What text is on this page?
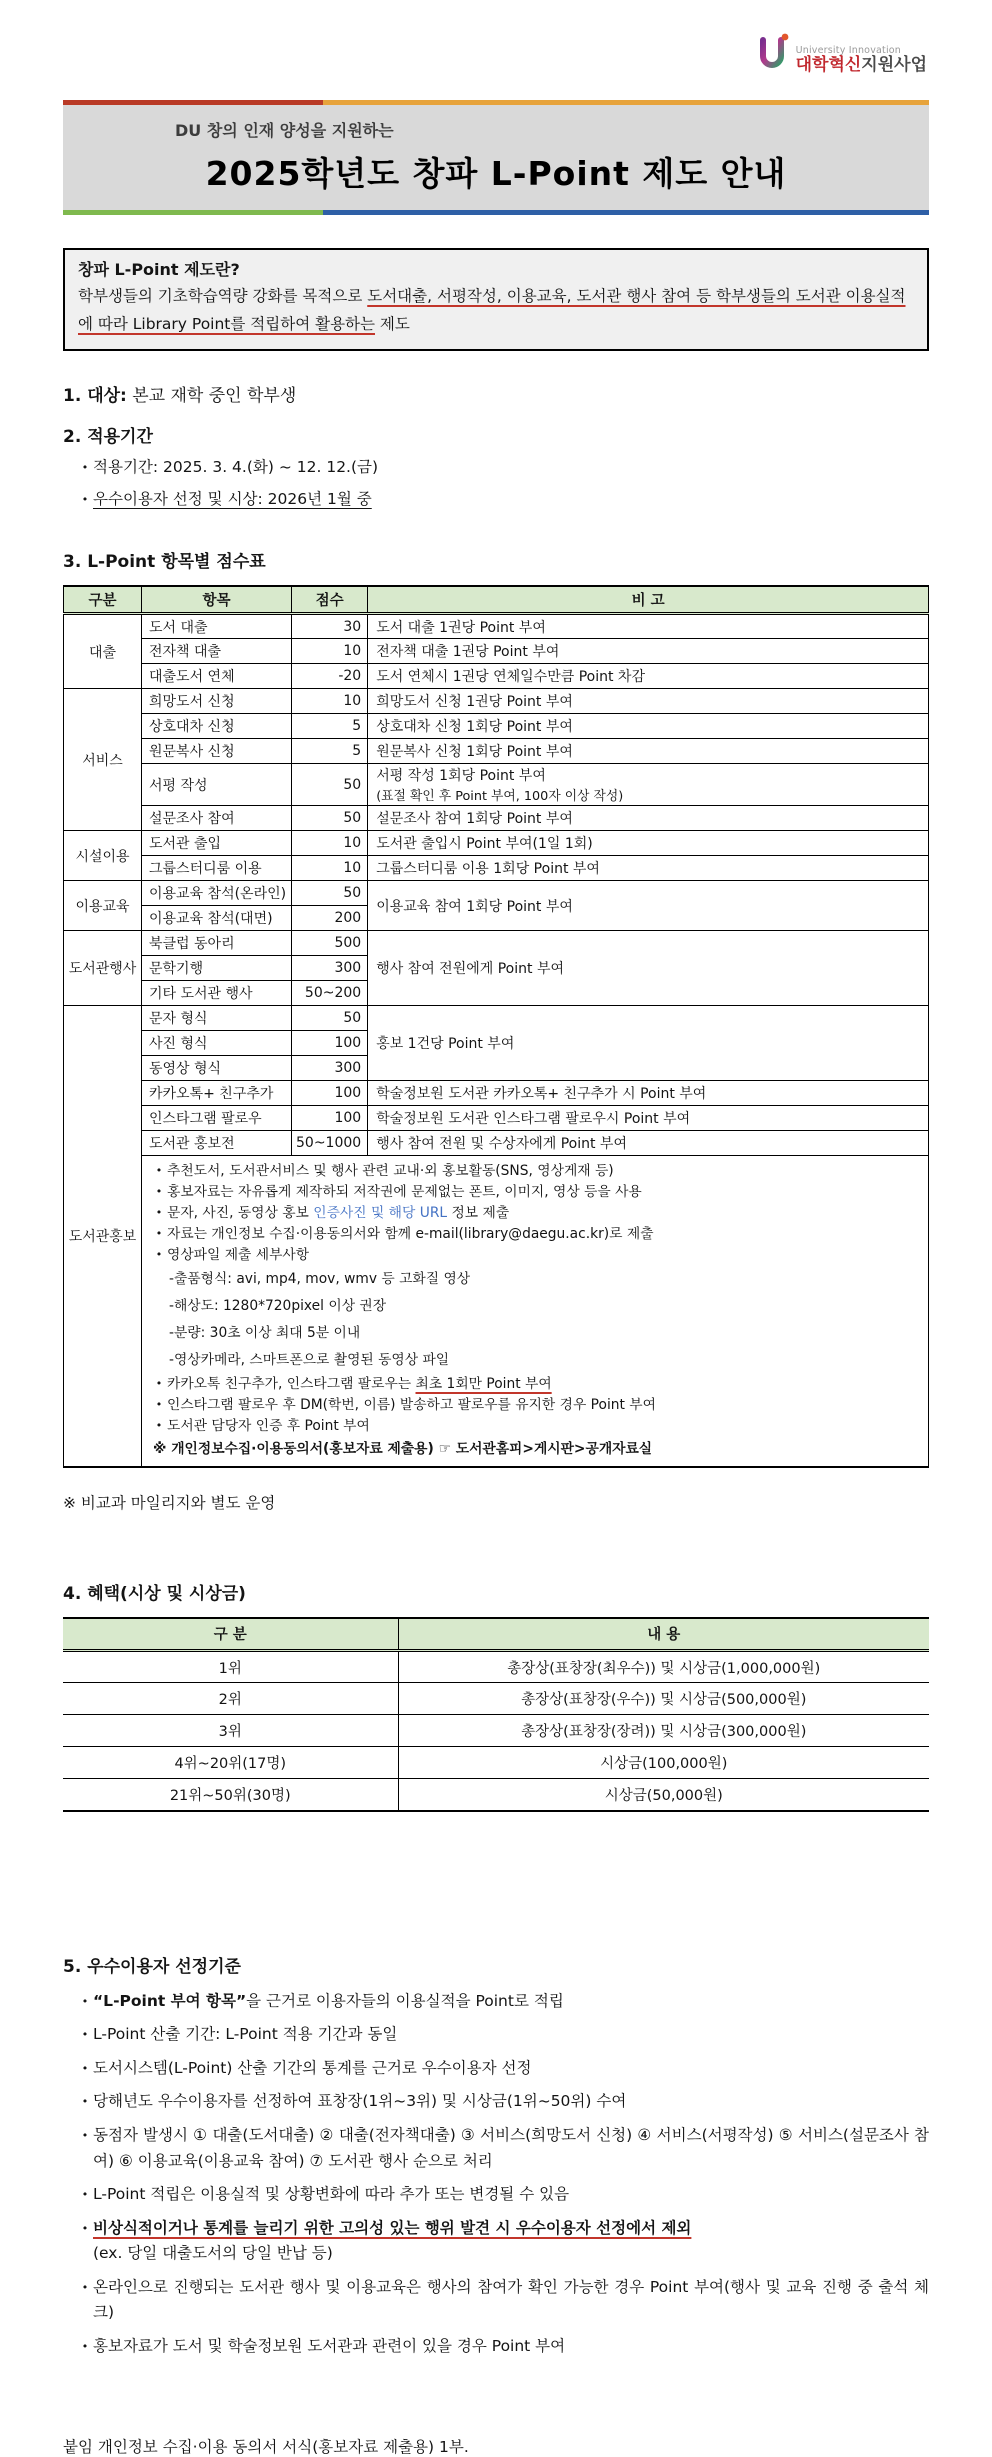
University Innovation
대학혁신지원사업
DU 창의 인재 양성을 지원하는
2025학년도 창파 L-Point 제도 안내
창파 L-Point 제도란?
학부생들의 기초학습역량 강화를 목적으로 도서대출, 서평작성, 이용교육, 도서관 행사 참여 등 학부생들의 도서관 이용실적에 따라 Library Point를 적립하여 활용하는 제도
1. 대상: 본교 재학 중인 학부생
2. 적용기간
• 적용기간: 2025. 3. 4.(화) ~ 12. 12.(금)
• 우수이용자 선정 및 시상: 2026년 1월 중
3. L-Point 항목별 점수표
구분	항목	점수	비 고
대출	도서 대출	30	도서 대출 1권당 Point 부여
	전자책 대출	10	전자책 대출 1권당 Point 부여
	대출도서 연체	-20	도서 연체시 1권당 연체일수만큼 Point 차감
서비스	희망도서 신청	10	희망도서 신청 1권당 Point 부여
	상호대차 신청	5	상호대차 신청 1회당 Point 부여
	원문복사 신청	5	원문복사 신청 1회당 Point 부여
	서평 작성	50	서평 작성 1회당 Point 부여
(표절 확인 후 Point 부여, 100자 이상 작성)

	설문조사 참여	50	설문조사 참여 1회당 Point 부여
시설이용	도서관 출입	10	도서관 출입시 Point 부여(1일 1회)
	그룹스터디룸 이용	10	그룹스터디룸 이용 1회당 Point 부여
이용교육	이용교육 참석(온라인)	50	이용교육 참여 1회당 Point 부여
	이용교육 참석(대면)	200	
도서관행사	북클럽 동아리	500	행사 참여 전원에게 Point 부여
	문학기행	300	
	기타 도서관 행사	50~200	
도서관홍보	문자 형식	50	홍보 1건당 Point 부여
	사진 형식	100	
	동영상 형식	300	
	카카오톡+ 친구추가	100	학술정보원 도서관 카카오톡+ 친구추가 시 Point 부여
	인스타그램 팔로우	100	학술정보원 도서관 인스타그램 팔로우시 Point 부여
	도서관 홍보전	50~1000	행사 참여 전원 및 수상자에게 Point 부여

• 추천도서, 도서관서비스 및 행사 관련 교내·외 홍보활동(SNS, 영상게재 등)
• 홍보자료는 자유롭게 제작하되 저작권에 문제없는 폰트, 이미지, 영상 등을 사용
• 문자, 사진, 동영상 홍보 인증사진 및 해당 URL 정보 제출
• 자료는 개인정보 수집·이용동의서와 함께 e-mail(library@daegu.ac.kr)로 제출
• 영상파일 제출 세부사항
-출품형식: avi, mp4, mov, wmv 등 고화질 영상
-해상도: 1280*720pixel 이상 권장
-분량: 30초 이상 최대 5분 이내
-영상카메라, 스마트폰으로 촬영된 동영상 파일
• 카카오톡 친구추가, 인스타그램 팔로우는 최초 1회만 Point 부여
• 인스타그램 팔로우 후 DM(학번, 이름) 발송하고 팔로우를 유지한 경우 Point 부여
• 도서관 담당자 인증 후 Point 부여
※ 개인정보수집·이용동의서(홍보자료 제출용) ☞ 도서관홈피>게시판>공개자료실
※ 비교과 마일리지와 별도 운영
4. 혜택(시상 및 시상금)
구 분	내 용
1위	총장상(표창장(최우수)) 및 시상금(1,000,000원)
2위	총장상(표창장(우수)) 및 시상금(500,000원)
3위	총장상(표창장(장려)) 및 시상금(300,000원)
4위~20위(17명)	시상금(100,000원)
21위~50위(30명)	시상금(50,000원)
5. 우수이용자 선정기준
• “L-Point 부여 항목”을 근거로 이용자들의 이용실적을 Point로 적립
• L-Point 산출 기간: L-Point 적용 기간과 동일
• 도서시스템(L-Point) 산출 기간의 통계를 근거로 우수이용자 선정
• 당해년도 우수이용자를 선정하여 표창장(1위~3위) 및 시상금(1위~50위) 수여
• 동점자 발생시 ① 대출(도서대출) ② 대출(전자책대출) ③ 서비스(희망도서 신청) ④ 서비스(서평작성) ⑤ 서비스(설문조사 참여) ⑥ 이용교육(이용교육 참여) ⑦ 도서관 행사 순으로 처리
• L-Point 적립은 이용실적 및 상황변화에 따라 추가 또는 변경될 수 있음
• 비상식적이거나 통계를 늘리기 위한 고의성 있는 행위 발견 시 우수이용자 선정에서 제외
(ex. 당일 대출도서의 당일 반납 등)
• 온라인으로 진행되는 도서관 행사 및 이용교육은 행사의 참여가 확인 가능한 경우 Point 부여(행사 및 교육 진행 중 출석 체크)
• 홍보자료가 도서 및 학술정보원 도서관과 관련이 있을 경우 Point 부여
붙임 개인정보 수집·이용 동의서 서식(홍보자료 제출용) 1부.
